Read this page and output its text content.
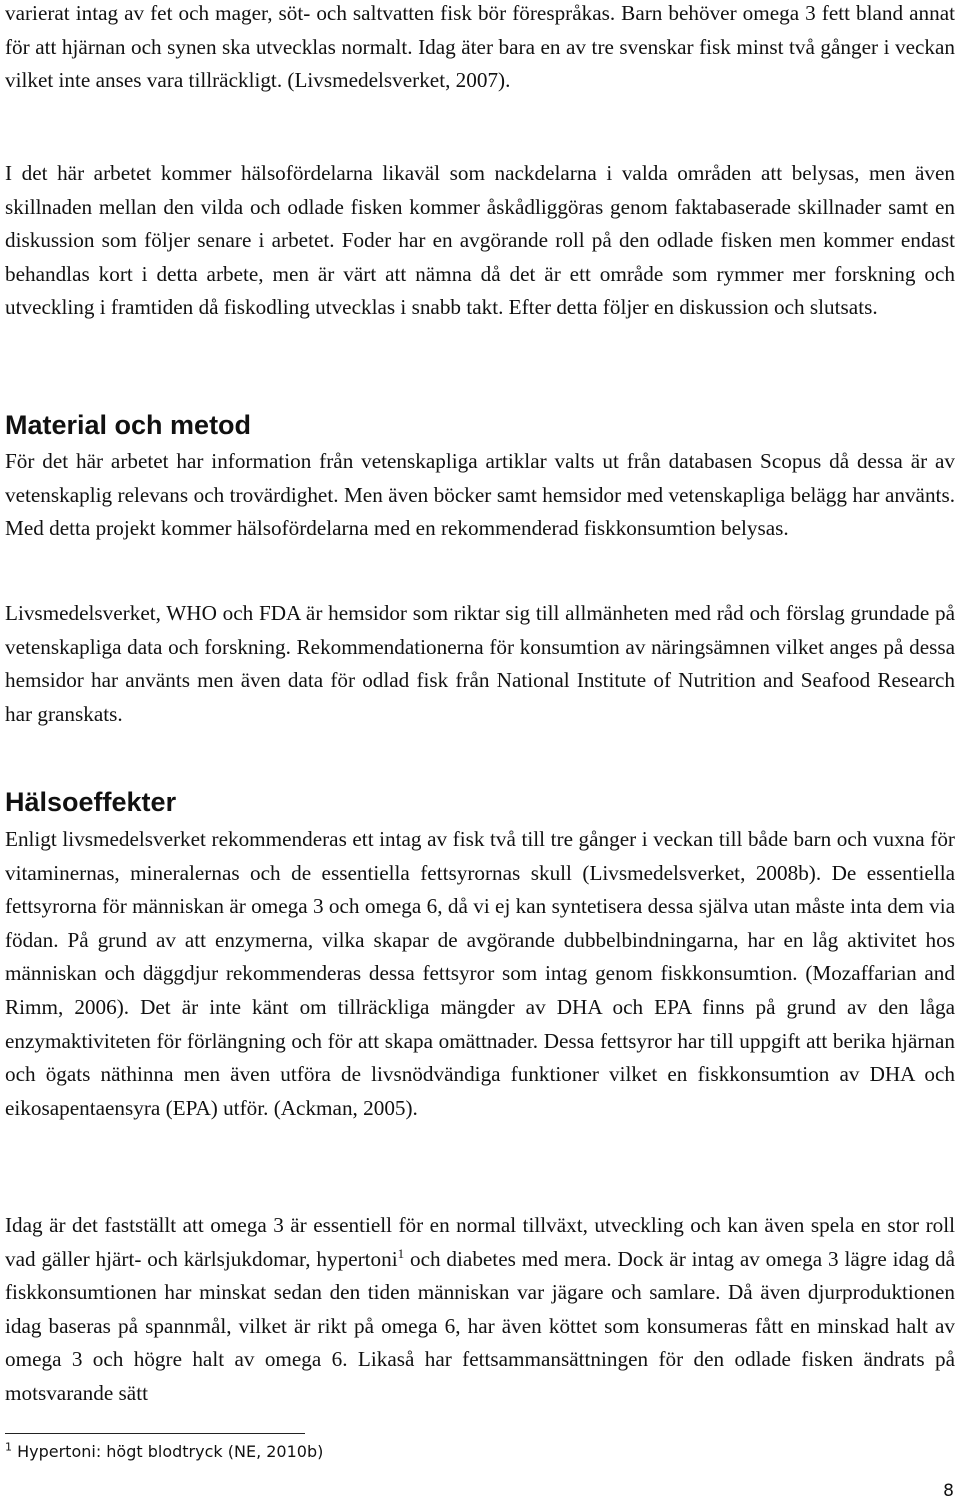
varierat intag av fet och mager, söt- och saltvatten fisk bör förespråkas. Barn behöver omega 3 fett bland annat för att hjärnan och synen ska utvecklas normalt. Idag äter bara en av tre svenskar fisk minst två gånger i veckan vilket inte anses vara tillräckligt. (Livsmedelsverket, 2007).

I det här arbetet kommer hälsofördelarna likaväl som nackdelarna i valda områden att belysas, men även skillnaden mellan den vilda och odlade fisken kommer åskådliggöras genom faktabaserade skillnader samt en diskussion som följer senare i arbetet. Foder har en avgörande roll på den odlade fisken men kommer endast behandlas kort i detta arbete, men är värt att nämna då det är ett område som rymmer mer forskning och utveckling i framtiden då fiskodling utvecklas i snabb takt. Efter detta följer en diskussion och slutsats.

Material och metod

För det här arbetet har information från vetenskapliga artiklar valts ut från databasen Scopus då dessa är av vetenskaplig relevans och trovärdighet. Men även böcker samt hemsidor med vetenskapliga belägg har använts. Med detta projekt kommer hälsofördelarna med en rekommenderad fiskkonsumtion belysas.

Livsmedelsverket, WHO och FDA är hemsidor som riktar sig till allmänheten med råd och förslag grundade på vetenskapliga data och forskning. Rekommendationerna för konsumtion av näringsämnen vilket anges på dessa hemsidor har använts men även data för odlad fisk från National Institute of Nutrition and Seafood Research har granskats.

Hälsoeffekter

Enligt livsmedelsverket rekommenderas ett intag av fisk två till tre gånger i veckan till både barn och vuxna för vitaminernas, mineralernas och de essentiella fettsyrornas skull (Livsmedelsverket, 2008b). De essentiella fettsyrorna för människan är omega 3 och omega 6, då vi ej kan syntetisera dessa själva utan måste inta dem via födan. På grund av att enzymerna, vilka skapar de avgörande dubbelbindningarna, har en låg aktivitet hos människan och däggdjur rekommenderas dessa fettsyror som intag genom fiskkonsumtion. (Mozaffarian and Rimm, 2006). Det är inte känt om tillräckliga mängder av DHA och EPA finns på grund av den låga enzymaktiviteten för förlängning och för att skapa omättnader. Dessa fettsyror har till uppgift att berika hjärnan och ögats näthinna men även utföra de livsnödvändiga funktioner vilket en fiskkonsumtion av DHA och eikosapentaensyra (EPA) utför. (Ackman, 2005).

Idag är det fastställt att omega 3 är essentiell för en normal tillväxt, utveckling och kan även spela en stor roll vad gäller hjärt- och kärlsjukdomar, hypertoni$^1$ och diabetes med mera. Dock är intag av omega 3 lägre idag då fiskkonsumtionen har minskat sedan den tiden människan var jägare och samlare. Då även djurproduktionen idag baseras på spannmål, vilket är rikt på omega 6, har även köttet som konsumeras fått en minskad halt av omega 3 och högre halt av omega 6. Likaså har fettsammansättningen för den odlade fisken ändrats på motsvarande sätt

$^1$ Hypertoni: högt blodtryck (NE, 2010b)

8
